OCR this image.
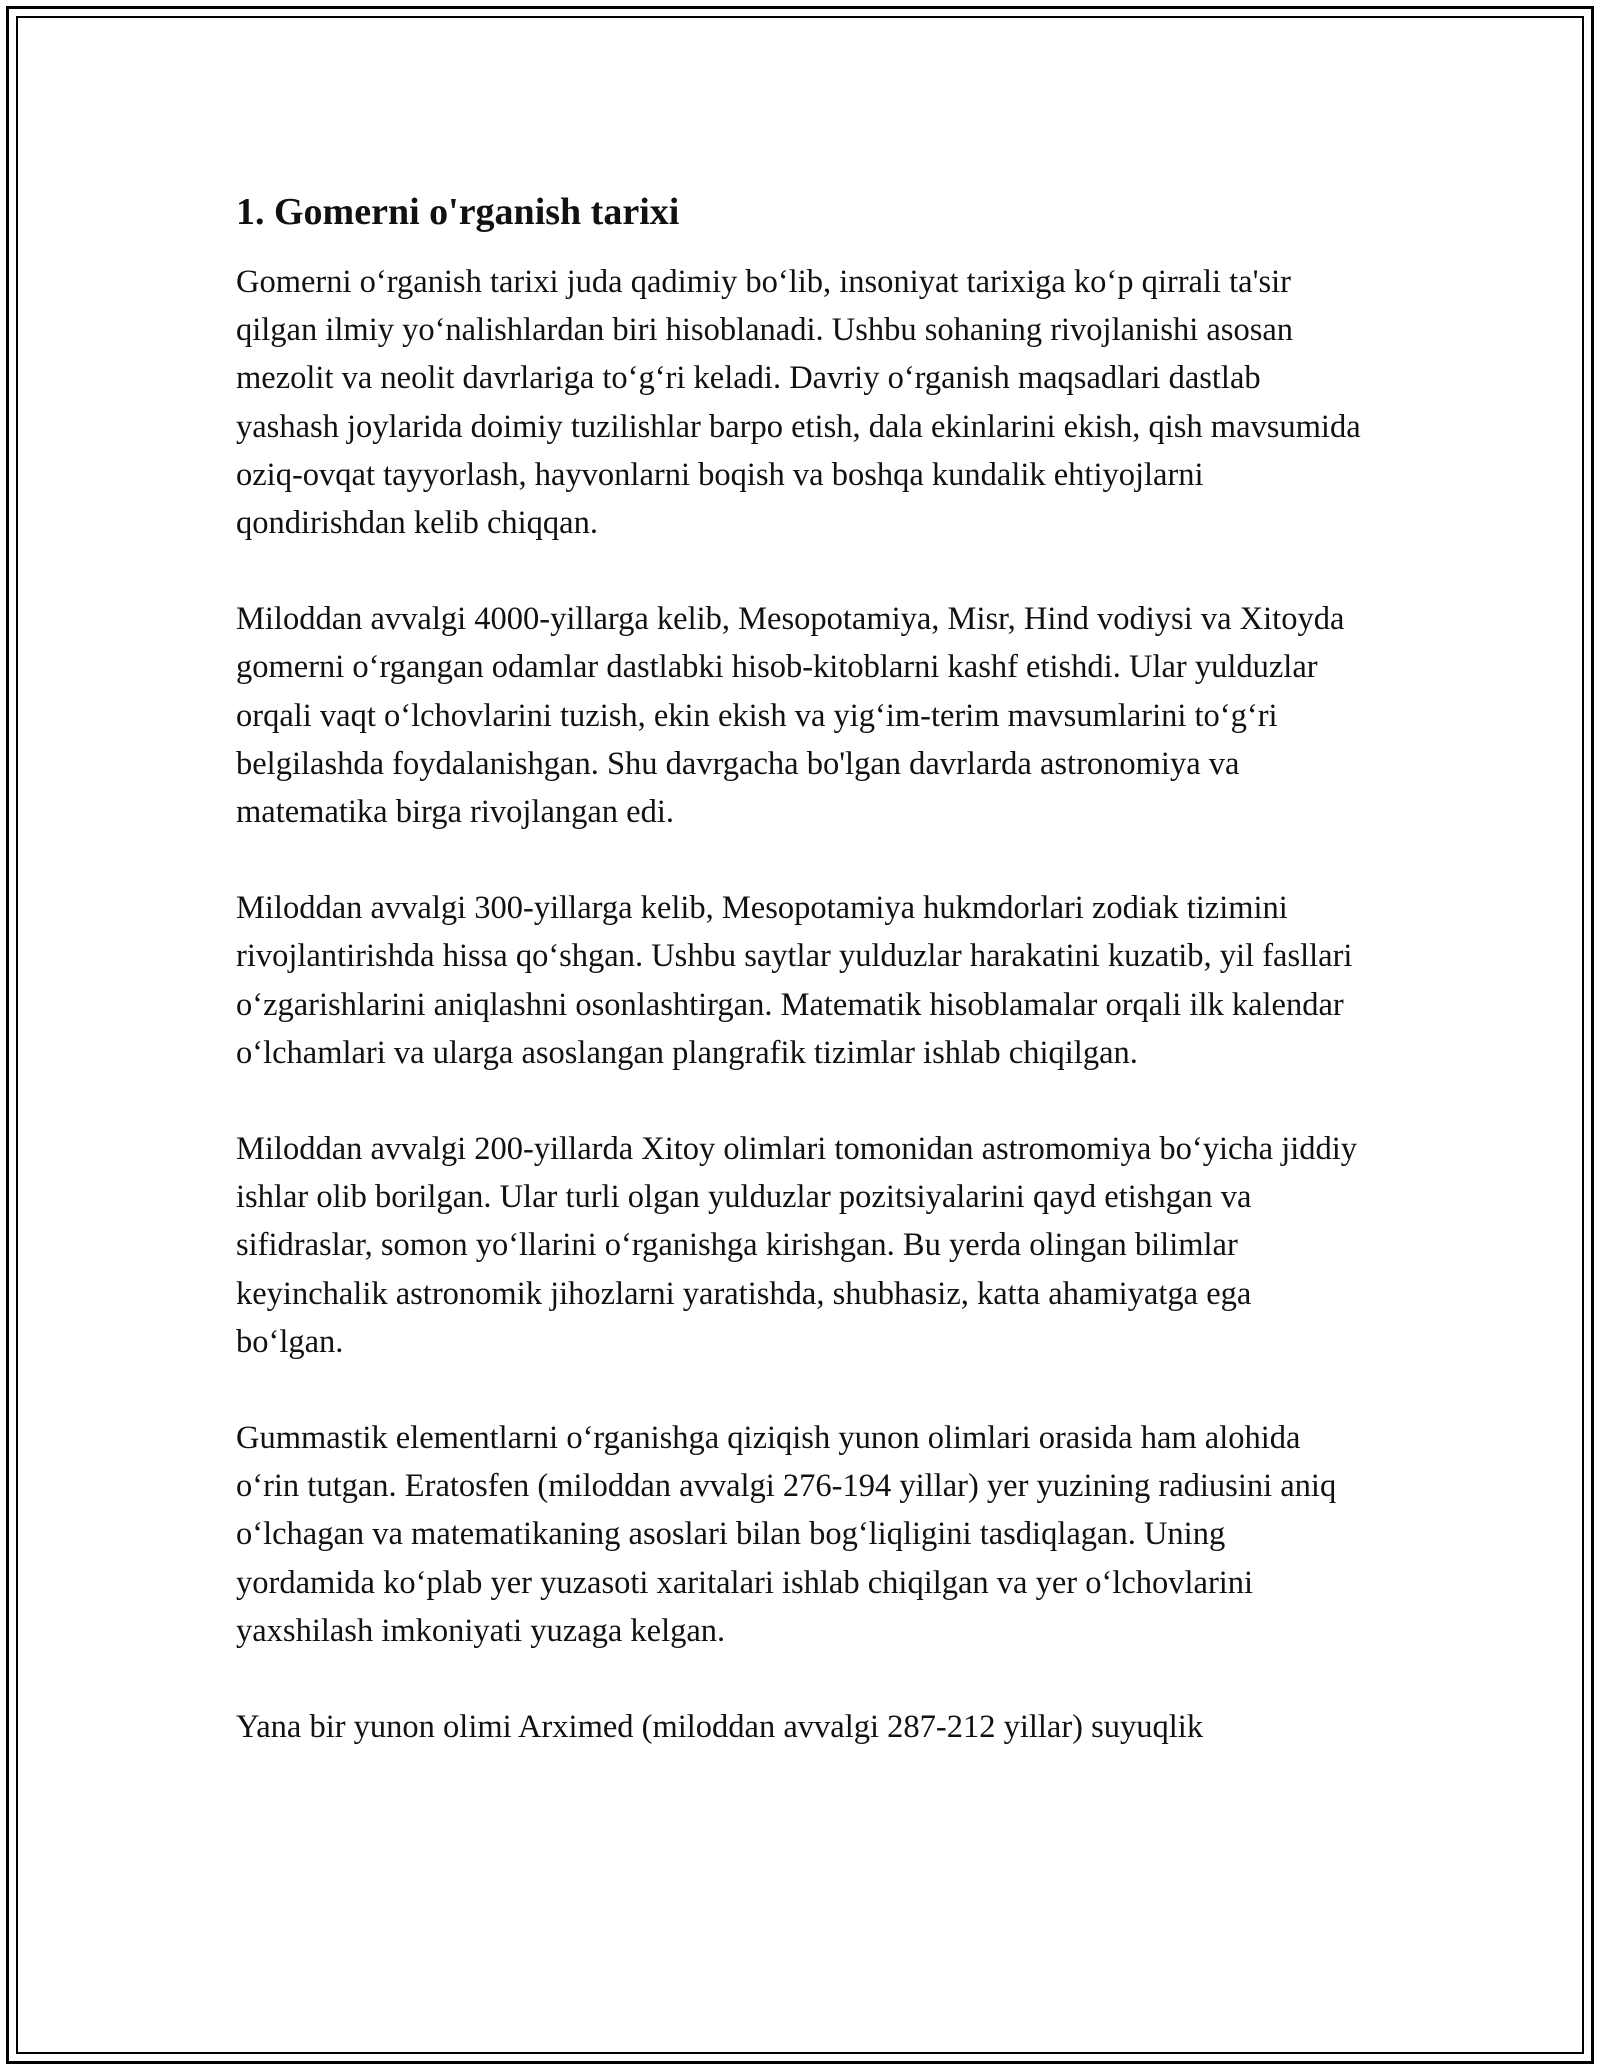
1. Gomerni o'rganish tarixi

Gomerni o‘rganish tarixi juda qadimiy bo‘lib, insoniyat tarixiga ko‘p qirrali ta'sir qilgan ilmiy yo‘nalishlardan biri hisoblanadi. Ushbu sohaning rivojlanishi asosan mezolit va neolit davrlariga to‘g‘ri keladi. Davriy o‘rganish maqsadlari dastlab yashash joylarida doimiy tuzilishlar barpo etish, dala ekinlarini ekish, qish mavsumida oziq-ovqat tayyorlash, hayvonlarni boqish va boshqa kundalik ehtiyojlarni qondirishdan kelib chiqqan.

Miloddan avvalgi 4000-yillarga kelib, Mesopotamiya, Misr, Hind vodiysi va Xitoyda gomerni o‘rgangan odamlar dastlabki hisob-kitoblarni kashf etishdi. Ular yulduzlar orqali vaqt o‘lchovlarini tuzish, ekin ekish va yig‘im-terim mavsumlarini to‘g‘ri belgilashda foydalanishgan. Shu davrgacha bo'lgan davrlarda astronomiya va matematika birga rivojlangan edi.

Miloddan avvalgi 300-yillarga kelib, Mesopotamiya hukmdorlari zodiak tizimini rivojlantirishda hissa qo‘shgan. Ushbu saytlar yulduzlar harakatini kuzatib, yil fasllari o‘zgarishlarini aniqlashni osonlashtirgan. Matematik hisoblamalar orqali ilk kalendar o‘lchamlari va ularga asoslangan plangrafik tizimlar ishlab chiqilgan.

Miloddan avvalgi 200-yillarda Xitoy olimlari tomonidan astromomiya bo‘yicha jiddiy ishlar olib borilgan. Ular turli olgan yulduzlar pozitsiyalarini qayd etishgan va sifidraslar, somon yo‘llarini o‘rganishga kirishgan. Bu yerda olingan bilimlar keyinchalik astronomik jihozlarni yaratishda, shubhasiz, katta ahamiyatga ega bo‘lgan.

Gummastik elementlarni o‘rganishga qiziqish yunon olimlari orasida ham alohida o‘rin tutgan. Eratosfen (miloddan avvalgi 276-194 yillar) yer yuzining radiusini aniq o‘lchagan va matematikaning asoslari bilan bog‘liqligini tasdiqlagan. Uning yordamida ko‘plab yer yuzasoti xaritalari ishlab chiqilgan va yer o‘lchovlarini yaxshilash imkoniyati yuzaga kelgan.

Yana bir yunon olimi Arximed (miloddan avvalgi 287-212 yillar) suyuqlik
